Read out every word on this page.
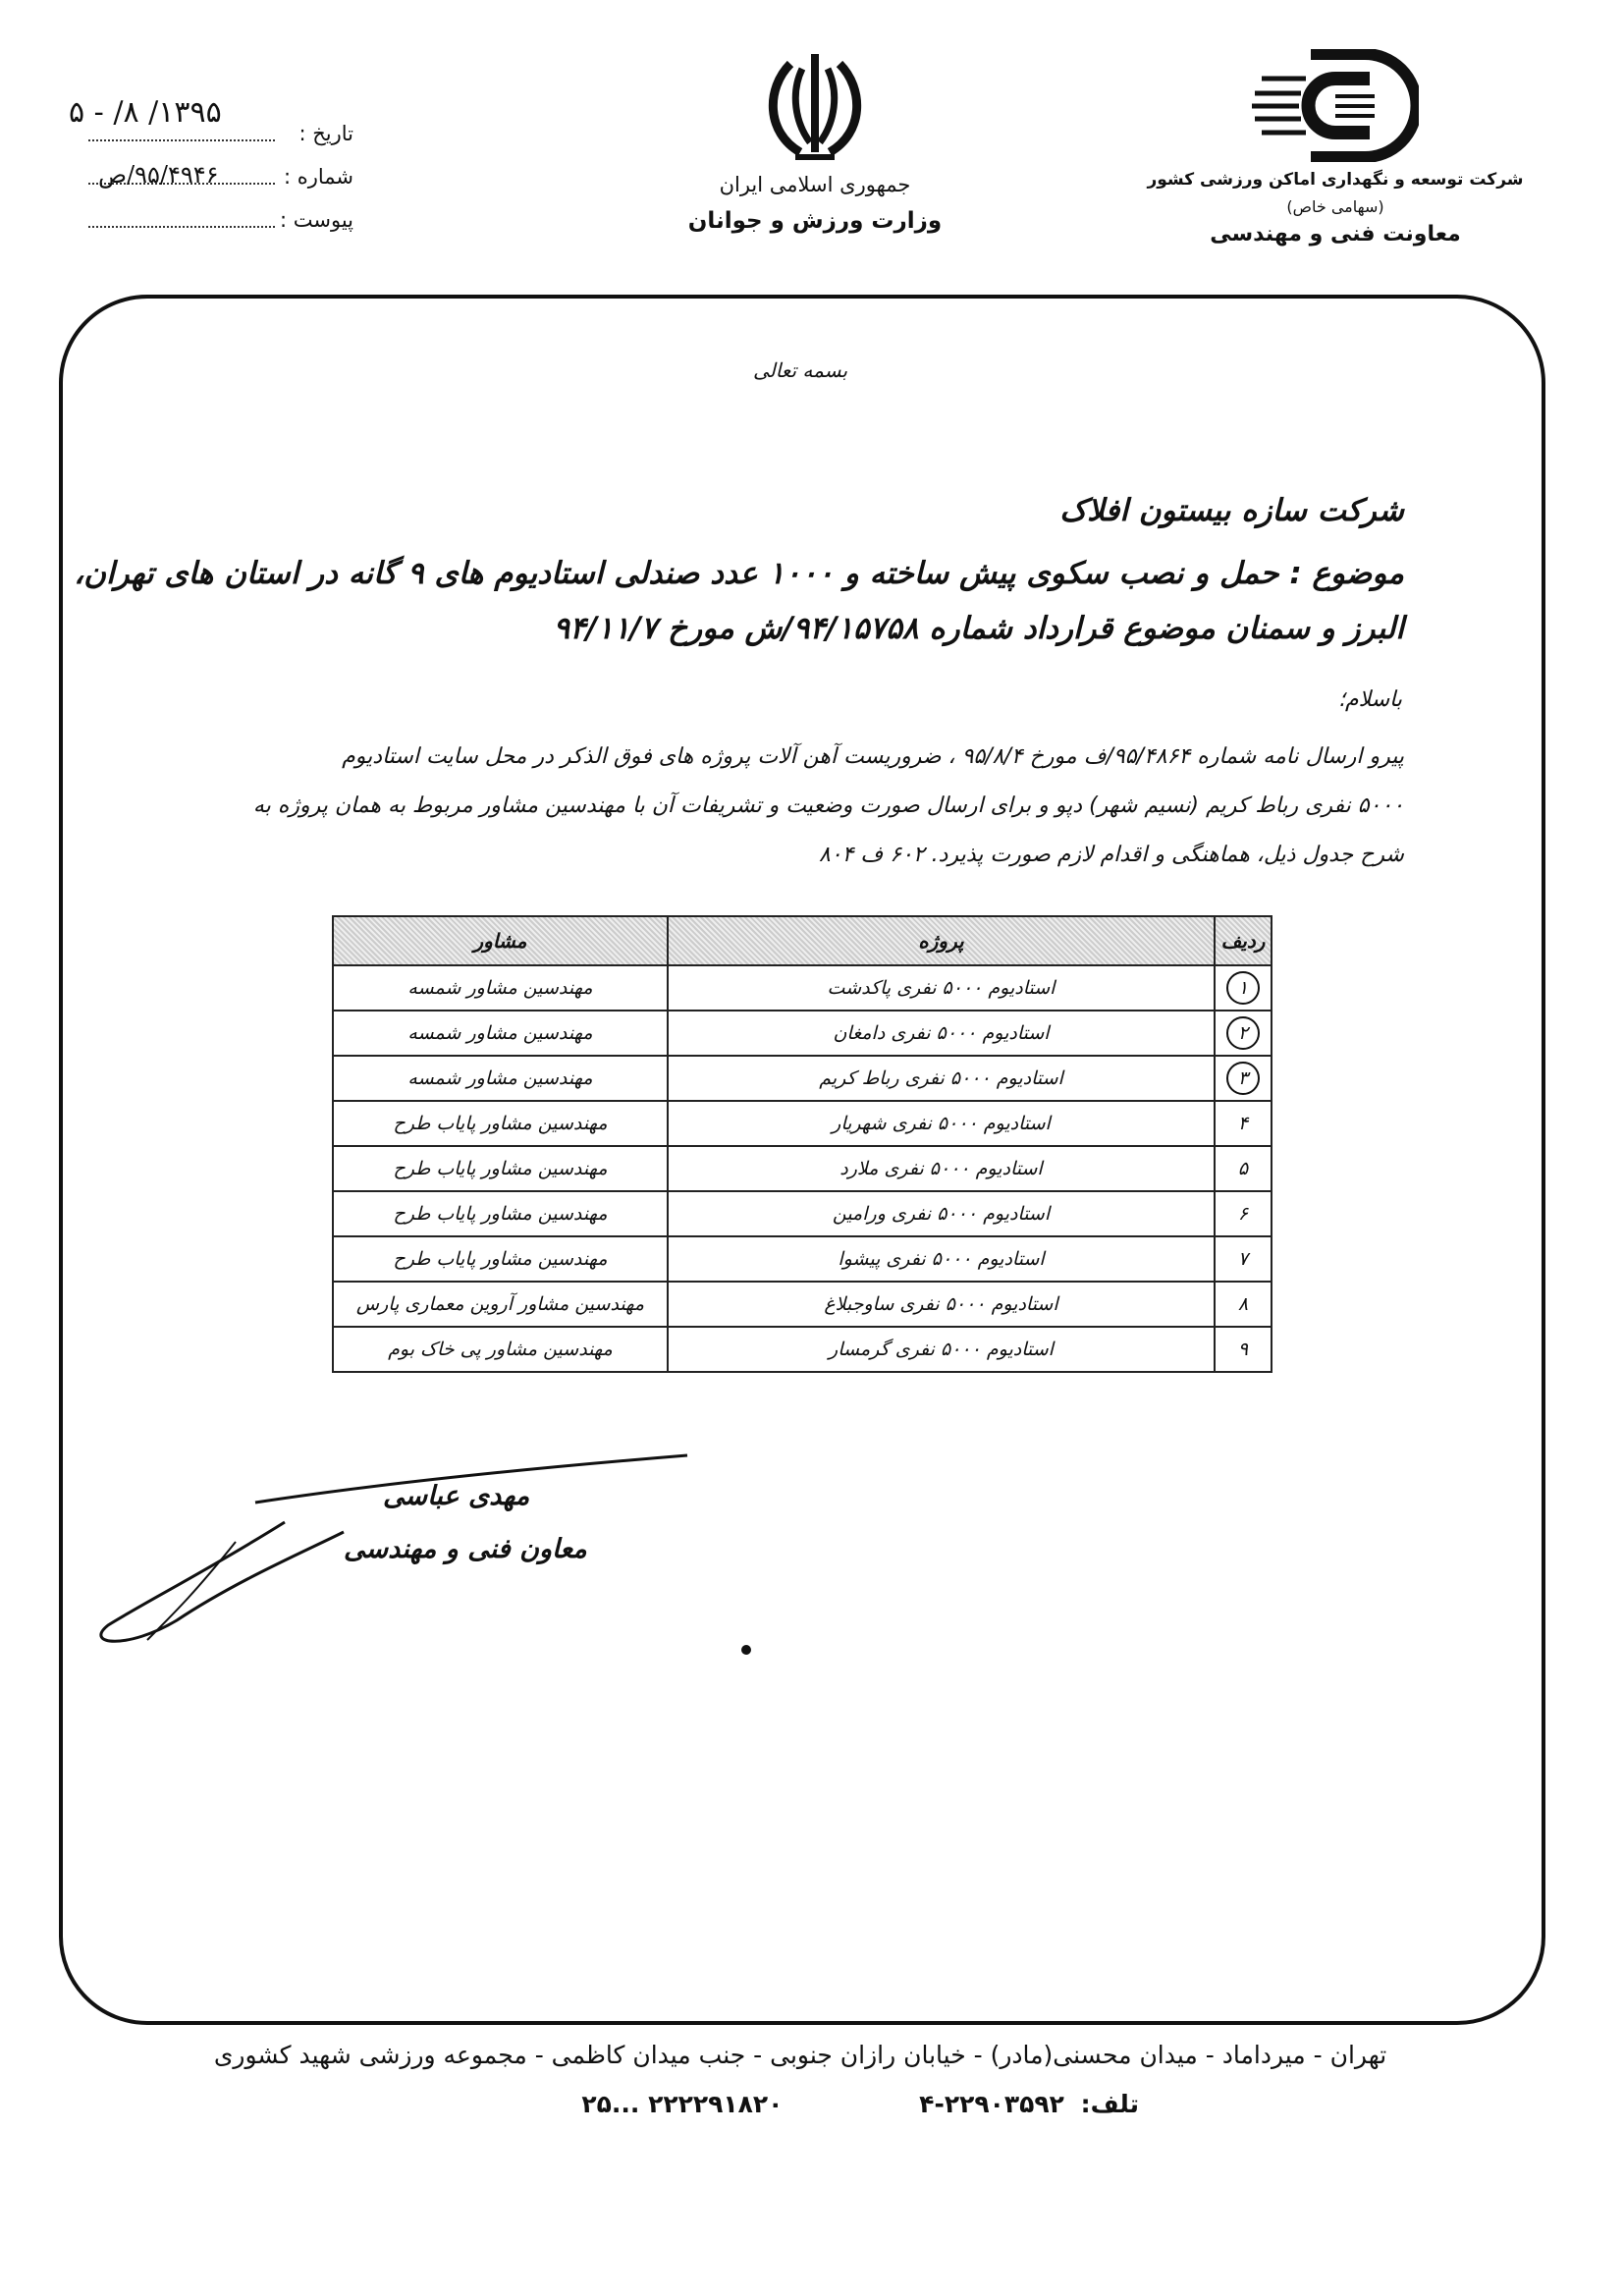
تاریخ :
۱۳۹۵/ ۸/ - ۵
شماره :
۹۵/۴۹۴۶/ص
پیوست :
جمهوری اسلامی ایران
وزارت ورزش و جوانان
شرکت توسعه و نگهداری اماکن ورزشی کشور
(سهامی خاص)
معاونت فنی و مهندسی
بسمه تعالی
شرکت سازه بیستون افلاک
موضوع : حمل و نصب سکوی پیش ساخته و ۱۰۰۰ عدد صندلی استادیوم های ۹ گانه در استان های تهران،
البرز و سمنان موضوع قرارداد شماره ۹۴/۱۵۷۵۸/ش مورخ ۹۴/۱۱/۷
باسلام؛
پیرو ارسال نامه شماره ۹۵/۴۸۶۴/ف مورخ ۹۵/۸/۴ ، ضروریست آهن آلات پروژه های فوق الذکر در محل سایت استادیوم
۵۰۰۰ نفری رباط کریم (نسیم شهر) دپو و برای ارسال صورت وضعیت و تشریفات آن با مهندسین مشاور مربوط به همان پروژه به
شرح جدول ذیل، هماهنگی و اقدام لازم صورت پذیرد. ۶۰۲ ف ۸۰۴
ردیف	پروژه	مشاور
۱	استادیوم ۵۰۰۰ نفری پاکدشت	مهندسین مشاور شمسه
۲	استادیوم ۵۰۰۰ نفری دامغان	مهندسین مشاور شمسه
۳	استادیوم ۵۰۰۰ نفری رباط کریم	مهندسین مشاور شمسه
۴	استادیوم ۵۰۰۰ نفری شهریار	مهندسین مشاور پایاب طرح
۵	استادیوم ۵۰۰۰ نفری ملارد	مهندسین مشاور پایاب طرح
۶	استادیوم ۵۰۰۰ نفری ورامین	مهندسین مشاور پایاب طرح
۷	استادیوم ۵۰۰۰ نفری پیشوا	مهندسین مشاور پایاب طرح
۸	استادیوم ۵۰۰۰ نفری ساوجبلاغ	مهندسین مشاور آروین معماری پارس
۹	استادیوم ۵۰۰۰ نفری گرمسار	مهندسین مشاور پی خاک بوم
مهدی عباسی
معاون فنی و مهندسی
تهران - میرداماد - میدان محسنی(مادر) - خیابان رازان جنوبی - جنب میدان کاظمی - مجموعه ورزشی شهید کشوری
تلف: ۲۲۹۰۳۵۹۲-۴ ۲۲۲۲۹۱۸۲۰ ...۲۵
